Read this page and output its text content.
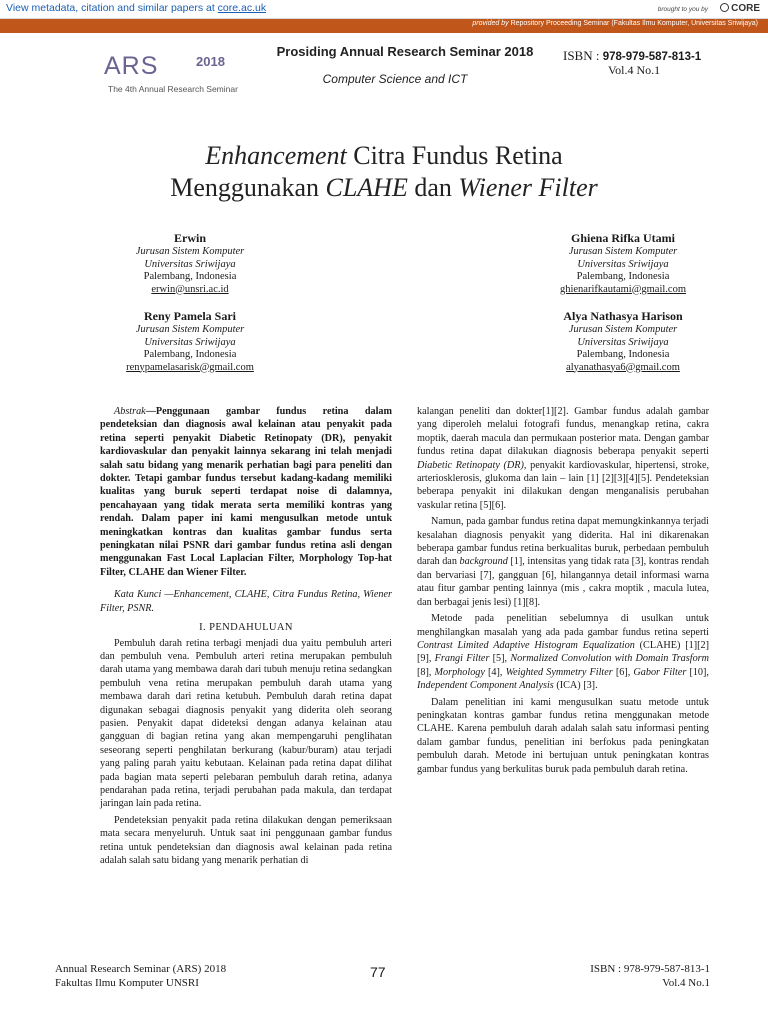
View metadata, citation and similar papers at core.ac.uk	brought to you by	CORE
provided by Repository Proceeding Seminar (Fakultas Ilmu Komputer, Universitas Sriwijaya)
ARS	2018
The 4th Annual Research Seminar
Prosiding Annual Research Seminar 2018
Computer Science and ICT
ISBN : 978-979-587-813-1
Vol.4 No.1
Enhancement Citra Fundus Retina
Menggunakan CLAHE dan Wiener Filter
Erwin
Jurusan Sistem Komputer
Universitas Sriwijaya
Palembang, Indonesia
erwin@unsri.ac.id
Ghiena Rifka Utami
Jurusan Sistem Komputer
Universitas Sriwijaya
Palembang, Indonesia
ghienarifkautami@gmail.com
Reny Pamela Sari
Jurusan Sistem Komputer
Universitas Sriwijaya
Palembang, Indonesia
renypamelasarisk@gmail.com
Alya Nathasya Harison
Jurusan Sistem Komputer
Universitas Sriwijaya
Palembang, Indonesia
alyanathasya6@gmail.com

Abstrak—Penggunaan gambar fundus retina dalam pendeteksian dan diagnosis awal kelainan atau penyakit pada retina seperti penyakit Diabetic Retinopaty (DR), penyakit kardiovaskular dan penyakit lainnya sekarang ini telah menjadi salah satu bidang yang menarik perhatian bagi para peneliti dan dokter. Tetapi gambar fundus tersebut kadang-kadang memiliki kualitas yang buruk seperti terdapat noise di dalamnya, pencahayaan yang tidak merata serta memiliki kontras yang rendah. Dalam paper ini kami mengusulkan metode untuk meningkatkan kontras dan kualitas gambar fundus serta peningkatan nilai PSNR dari gambar fundus retina asli dengan menggunakan Fast Local Laplacian Filter, Morphology Top-hat Filter, CLAHE dan Wiener Filter.

Kata Kunci —Enhancement, CLAHE, Citra Fundus Retina, Wiener Filter, PSNR.

I. PENDAHULUAN

Pembuluh darah retina terbagi menjadi dua yaitu pembuluh arteri dan pembuluh vena. Pembuluh arteri retina merupakan pembuluh darah utama yang membawa darah dari tubuh menuju retina sedangkan pembuluh vena retina merupakan pembuluh darah utama yang membawa darah dari retina ketubuh. Pembuluh darah retina dapat digunakan sebagai diagnosis penyakit yang diderita oleh seorang pasien. Penyakit dapat dideteksi dengan adanya kelainan atau gangguan di bagian retina yang akan mempengaruhi penglihatan seseorang seperti penghilatan berkurang (kabur/buram) atau terjadi yang paling parah yaitu kebutaan. Kelainan pada retina dapat dilihat pada bagian mata seperti pelebaran pembuluh darah retina, adanya pendarahan pada retina, terjadi perubahan pada makula, dan terdapat jaringan lain pada retina.

Pendeteksian penyakit pada retina dilakukan dengan pemeriksaan mata secara menyeluruh. Untuk saat ini penggunaan gambar fundus retina untuk pendeteksian dan diagnosis awal kelainan pada retina adalah salah satu bidang yang menarik perhatian di

kalangan peneliti dan dokter[1][2]. Gambar fundus adalah gambar yang diperoleh melalui fotografi fundus, menangkap retina, cakra moptik, daerah macula dan permukaan posterior mata. Dengan gambar fundus retina dapat dilakukan diagnosis beberapa penyakit seperti Diabetic Retinopaty (DR), penyakit kardiovaskular, hipertensi, stroke, arteriosklerosis, glukoma dan lain – lain [1] [2][3][4][5]. Pendeteksian beberapa penyakit ini dilakukan dengan menganalisis perubahan vaskular retina [5][6].

Namun, pada gambar fundus retina dapat memungkinkannya terjadi kesalahan diagnosis penyakit yang diderita. Hal ini dikarenakan beberapa gambar fundus retina berkualitas buruk, perbedaan pembuluh darah dan background [1], intensitas yang tidak rata [3], kontras rendah dan bervariasi [7], gangguan [6], hilangannya detail informasi warna atau fitur gambar penting lainnya (mis , cakra moptik , macula lutea, dan berbagai jenis lesi) [1][8].

Metode pada penelitian sebelumnya di usulkan untuk menghilangkan masalah yang ada pada gambar fundus retina seperti Contrast Limited Adaptive Histogram Equalization (CLAHE) [1][2][9], Frangi Filter [5], Normalized Convolution with Domain Trasform [8], Morphology [4], Weighted Symmetry Filter [6], Gabor Filter [10], Independent Component Analysis (ICA) [3].

Dalam penelitian ini kami mengusulkan suatu metode untuk peningkatan kontras gambar fundus retina menggunakan metode CLAHE. Karena pembuluh darah adalah salah satu informasi penting dalam gambar fundus, penelitian ini berfokus pada peningkatan pembuluh darah. Metode ini bertujuan untuk peningkatan kontras gambar fundus yang berkulitas buruk pada pembuluh darah retina.

Annual Research Seminar (ARS) 2018
Fakultas Ilmu Komputer UNSRI
77	ISBN : 978-979-587-813-1
Vol.4 No.1
